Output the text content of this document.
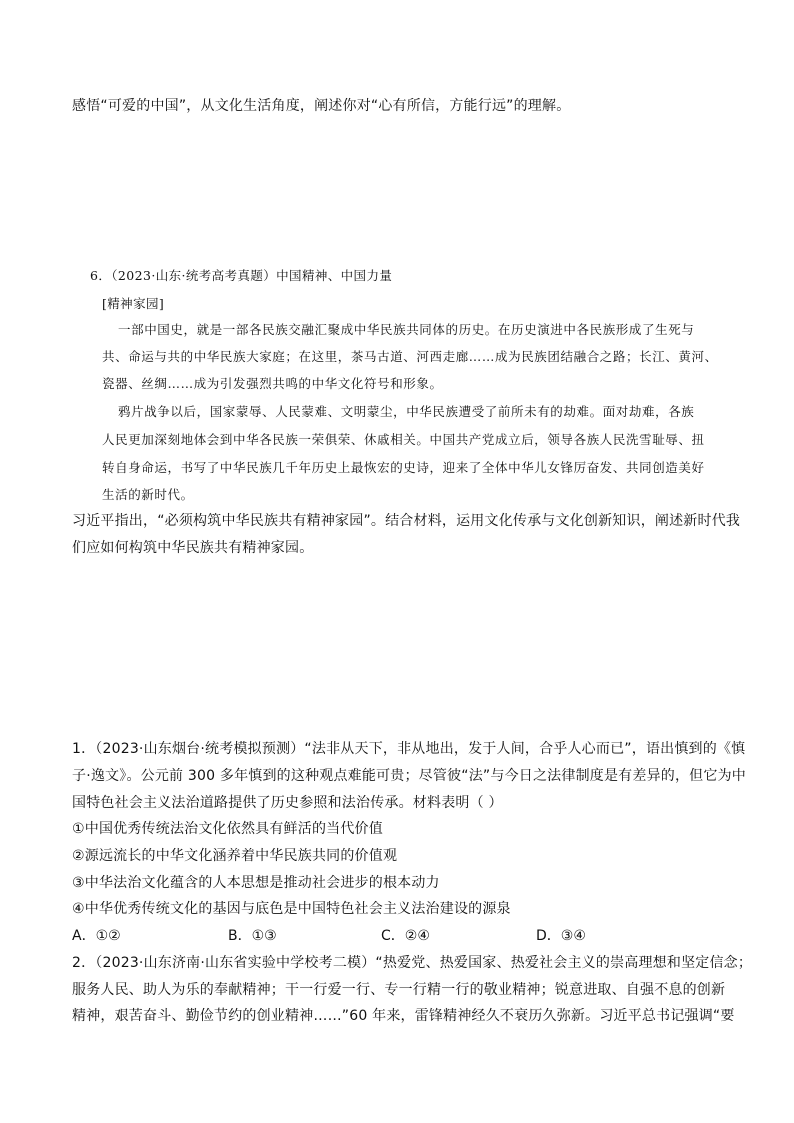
感悟“可爱的中国”，从文化生活角度，阐述你对“心有所信，方能行远”的理解。
6．（2023·山东·统考高考真题）中国精神、中国力量
[精神家园]
一部中国史，就是一部各民族交融汇聚成中华民族共同体的历史。在历史演进中各民族形成了生死与
共、命运与共的中华民族大家庭；在这里，茶马古道、河西走廊……成为民族团结融合之路；长江、黄河、
瓷器、丝绸……成为引发强烈共鸣的中华文化符号和形象。
鸦片战争以后，国家蒙辱、人民蒙难、文明蒙尘，中华民族遭受了前所未有的劫难。面对劫难，各族
人民更加深刻地体会到中华各民族一荣俱荣、休戚相关。中国共产党成立后，领导各族人民洗雪耻辱、扭
转自身命运，书写了中华民族几千年历史上最恢宏的史诗，迎来了全体中华儿女锋厉奋发、共同创造美好
生活的新时代。
习近平指出，“必须构筑中华民族共有精神家园”。结合材料，运用文化传承与文化创新知识，阐述新时代我
们应如何构筑中华民族共有精神家园。
1．（2023·山东烟台·统考模拟预测）“法非从天下，非从地出，发于人间，合乎人心而已”，语出慎到的《慎
子·逸文》。公元前 300 多年慎到的这种观点难能可贵；尽管彼“法”与今日之法律制度是有差异的，但它为中
国特色社会主义法治道路提供了历史参照和法治传承。材料表明（ ）
①中国优秀传统法治文化依然具有鲜活的当代价值
②源远流长的中华文化涵养着中华民族共同的价值观
③中华法治文化蕴含的人本思想是推动社会进步的根本动力
④中华优秀传统文化的基因与底色是中国特色社会主义法治建设的源泉
A．①②	B．①③	C．②④	D．③④
2．（2023·山东济南·山东省实验中学校考二模）“热爱党、热爱国家、热爱社会主义的崇高理想和坚定信念；
服务人民、助人为乐的奉献精神；干一行爱一行、专一行精一行的敬业精神；锐意进取、自强不息的创新
精神，艰苦奋斗、勤俭节约的创业精神……”60 年来，雷锋精神经久不衰历久弥新。习近平总书记强调“要
